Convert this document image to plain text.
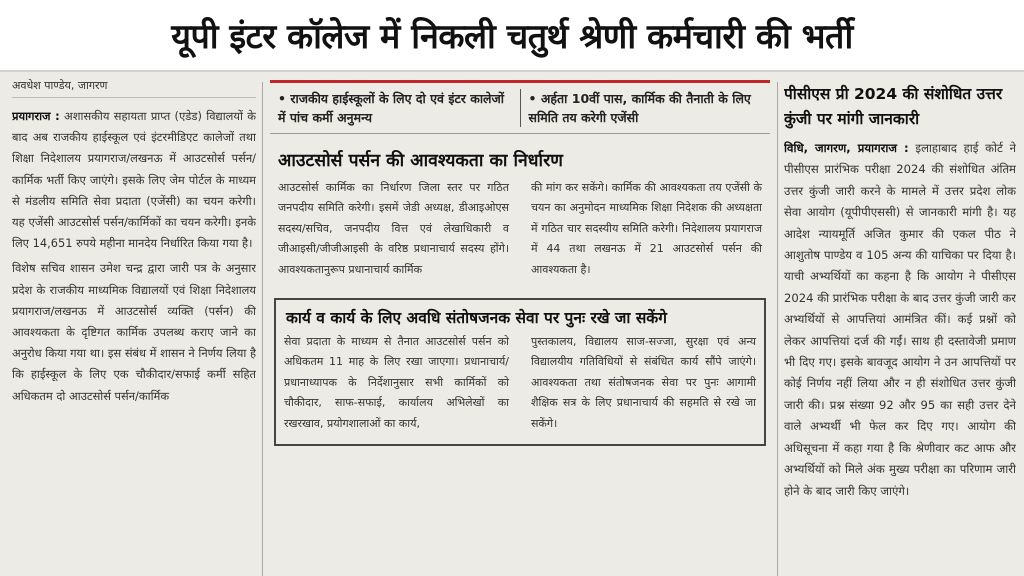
यूपी इंटर कॉलेज में निकली चतुर्थ श्रेणी कर्मचारी की भर्ती
अवधेश पाण्डेय, जागरण

प्रयागराज : अशासकीय सहायता प्राप्त (एडेड) विद्यालयों के बाद अब राजकीय हाईस्कूल एवं इंटरमीडिएट कालेजों तथा शिक्षा निदेशालय प्रयागराज/लखनऊ में आउटसोर्स पर्सन/कार्मिक भर्ती किए जाएंगे। इसके लिए जेम पोर्टल के माध्यम से मंडलीय समिति सेवा प्रदाता (एजेंसी) का चयन करेगी। यह एजेंसी आउटसोर्स पर्सन/कार्मिकों का चयन करेगी। इनके लिए 14,651 रुपये महीना मानदेय निर्धारित किया गया है।

विशेष सचिव शासन उमेश चन्द्र द्वारा जारी पत्र के अनुसार प्रदेश के राजकीय माध्यमिक विद्यालयों एवं शिक्षा निदेशालय प्रयागराज/लखनऊ में आउटसोर्स व्यक्ति (पर्सन) की आवश्यकता के दृष्टिगत कार्मिक उपलब्ध कराए जाने का अनुरोध किया गया था। इस संबंध में शासन ने निर्णय लिया है कि हाईस्कूल के लिए एक चौकीदार/सफाई कर्मी सहित अधिकतम दो आउटसोर्स पर्सन/कार्मिक

• राजकीय हाईस्कूलों के लिए दो एवं इंटर कालेजों में पांच कर्मी अनुमन्य
• अर्हता 10वीं पास, कार्मिक की तैनाती के लिए समिति तय करेगी एजेंसी
आउटसोर्स पर्सन की आवश्यकता का निर्धारण

आउटसोर्स कार्मिक का निर्धारण जिला स्तर पर गठित जनपदीय समिति करेगी। इसमें जेडी अध्यक्ष, डीआइओएस सदस्य/सचिव, जनपदीय वित्त एवं लेखाधिकारी व जीआइसी/जीजीआइसी के वरिष्ठ प्रधानाचार्य सदस्य होंगे। आवश्यकतानुरूप प्रधानाचार्य कार्मिक

की मांग कर सकेंगे। कार्मिक की आवश्यकता तय एजेंसी के चयन का अनुमोदन माध्यमिक शिक्षा निदेशक की अध्यक्षता में गठित चार सदस्यीय समिति करेगी। निदेशालय प्रयागराज में 44 तथा लखनऊ में 21 आउटसोर्स पर्सन की आवश्यकता है।

कार्य व कार्य के लिए अवधि संतोषजनक सेवा पर पुनः रखे जा सकेंगे

सेवा प्रदाता के माध्यम से तैनात आउटसोर्स पर्सन को अधिकतम 11 माह के लिए रखा जाएगा। प्रधानाचार्य/प्रधानाध्यापक के निर्देशानुसार सभी कार्मिकों को चौकीदार, साफ-सफाई, कार्यालय अभिलेखों का रखरखाव, प्रयोगशालाओं का कार्य,

पुस्तकालय, विद्यालय साज-सज्जा, सुरक्षा एवं अन्य विद्यालयीय गतिविधियों से संबंधित कार्य सौंपे जाएंगे। आवश्यकता तथा संतोषजनक सेवा पर पुनः आगामी शैक्षिक सत्र के लिए प्रधानाचार्य की सहमति से रखे जा सकेंगे।

पीसीएस प्री 2024 की संशोधित उत्तर कुंजी पर मांगी जानकारी

विधि, जागरण, प्रयागराज : इलाहाबाद हाई कोर्ट ने पीसीएस प्रारंभिक परीक्षा 2024 की संशोधित अंतिम उत्तर कुंजी जारी करने के मामले में उत्तर प्रदेश लोक सेवा आयोग (यूपीपीएससी) से जानकारी मांगी है। यह आदेश न्यायमूर्ति अजित कुमार की एकल पीठ ने आशुतोष पाण्डेय व 105 अन्य की याचिका पर दिया है। याची अभ्यर्थियों का कहना है कि आयोग ने पीसीएस 2024 की प्रारंभिक परीक्षा के बाद उत्तर कुंजी जारी कर अभ्यर्थियों से आपत्तियां आमंत्रित कीं। कई प्रश्नों को लेकर आपत्तियां दर्ज की गईं। साथ ही दस्तावेजी प्रमाण भी दिए गए। इसके बावजूद आयोग ने उन आपत्तियों पर कोई निर्णय नहीं लिया और न ही संशोधित उत्तर कुंजी जारी की। प्रश्न संख्या 92 और 95 का सही उत्तर देने वाले अभ्यर्थी भी फेल कर दिए गए। आयोग की अधिसूचना में कहा गया है कि श्रेणीवार कट आफ और अभ्यर्थियों को मिले अंक मुख्य परीक्षा का परिणाम जारी होने के बाद जारी किए जाएंगे।
